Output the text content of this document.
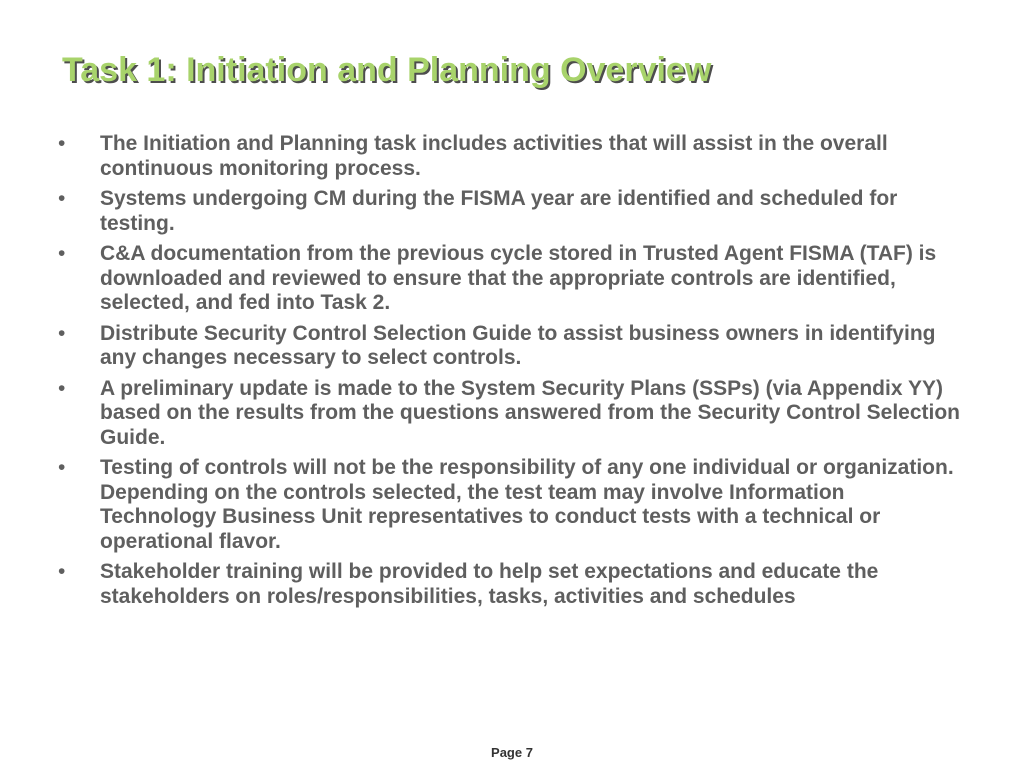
Task 1: Initiation and Planning Overview
• The Initiation and Planning task includes activities that will assist in the overall continuous monitoring process.
• Systems undergoing CM during the FISMA year are identified and scheduled for testing.
• C&A documentation from the previous cycle stored in Trusted Agent FISMA (TAF) is downloaded and reviewed to ensure that the appropriate controls are identified, selected, and fed into Task 2.
• Distribute Security Control Selection Guide to assist business owners in identifying any changes necessary to select controls.
• A preliminary update is made to the System Security Plans (SSPs) (via Appendix YY) based on the results from the questions answered from the Security Control Selection Guide.
• Testing of controls will not be the responsibility of any one individual or organization. Depending on the controls selected, the test team may involve Information Technology Business Unit representatives to conduct tests with a technical or operational flavor.
• Stakeholder training will be provided to help set expectations and educate the stakeholders on roles/responsibilities, tasks, activities and schedules
Page 7
